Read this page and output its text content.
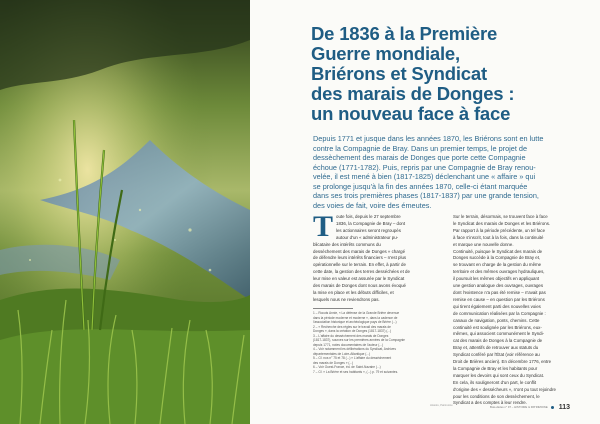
De 1836 à la Première
Guerre mondiale,
Briérons et Syndicat
des marais de Donges :
un nouveau face à face
Depuis 1771 et jusque dans les années 1870, les Briérons sont en lutte
contre la Compagnie de Bray. Dans un premier temps, le projet de
dessèchement des marais de Donges que porte cette Compagnie
échoue (1771-1782). Puis, repris par une Compagnie de Bray renou-
velée, il est mené à bien (1817-1825) déclenchant une « affaire » qui
se prolonge jusqu'à la fin des années 1870, celle-ci étant marquée
dans ses trois premières phases (1817-1837) par une grande tension,
des voies de fait, voire des émeutes.
T oute fois, depuis le 27 septembre
1836, la Compagnie de Bray – dont
les actionnaires seront regroupés
autour d'un « administrateur pu-
blicataire des intérêts communs du
dessèchement des marais de Donges » chargé
de défendre leurs intérêts financiers – n'est plus
opérationnelle sur le terrain. En effet, à partir de
cette date, la gestion des terres desséchées et de
leur mise en valeur est assurée par le Syndicat
des marais de Donges dont nous avons évoqué
la mise en place et les débuts difficiles, et
lesquels nous ne reviendrons pas.
1 – Rocuts Annie, « La défense de la Grande Brière devenue
dans la période moderne et moderne », dans la cadence de
l'association historique et archéologique pays de Brière (...)
2 – « Recherche des règles sur le travail des marais de
Donges », dans la création de Donges (1817-1837) (...)
3 – L'affaire du dessèchement des marais de Donges
(1817-1837), sources sur les premières années de la Compagnie
depuis 1771, notes documentaires de l'auteur (...)
4 – Voir notamment les délibérations du Syndicat, Archives
départementales de Loire-Atlantique (...)
5 – Cf. nos n° 75 et 78 (...) « L'affaire du dessèchement
des marais de Donges » (...)
6 – Voir Ouest-France, éd. de Saint-Nazaire (...)
7 – Cf. « La Brière et ses habitants », (...) p. 79 et suivantes.
Sur le terrain, désormais, se trouvent face à face
le Syndicat des marais de Donges et les Briérons.
Par rapport à la période précédente, un tel face
à face s'inscrit, tout à la fois, dans la continuité
et marque une nouvelle donne.
Continuité, puisque le Syndicat des marais de
Donges succède à la Compagnie de Bray et,
se trouvant en charge de la gestion du même
territoire et des mêmes ouvrages hydrauliques,
il poursuit les mêmes objectifs en appliquant
une gestion analogue des ouvrages, ouvrages
dont l'existence n'a pas été remise – n'avait pas
remise en cause – en question par les Briérons
qui tirent également parti des nouvelles voies
de communication réalisées par la Compagnie :
canaux de navigation, ponts, chemins. Cette
continuité est soulignée par les Briérons, eux-
mêmes, qui associent communément le Syndi-
cat des marais de Donges à la Compagnie de
Bray et, attentifs de retrouver aux statuts du
Syndicat conféré par l'État (voir référence au
Droit de Brières ancien). En décembre 1776, entre
la Compagnie de Bray et les habitants pour
marquer les devoirs qui sont ceux du Syndicat.
En cela, ils souligneront d'un part, le conflit
d'origine des « dessécheurs », n'ont pu tout rejoindre
pour les conditions de son dessèchement, le
Syndicat a des comptes à leur rendre.
Histoire, Patrimoine	Bois-dioles n° 97 – HISTOIRE & PATRIMOINE 113
